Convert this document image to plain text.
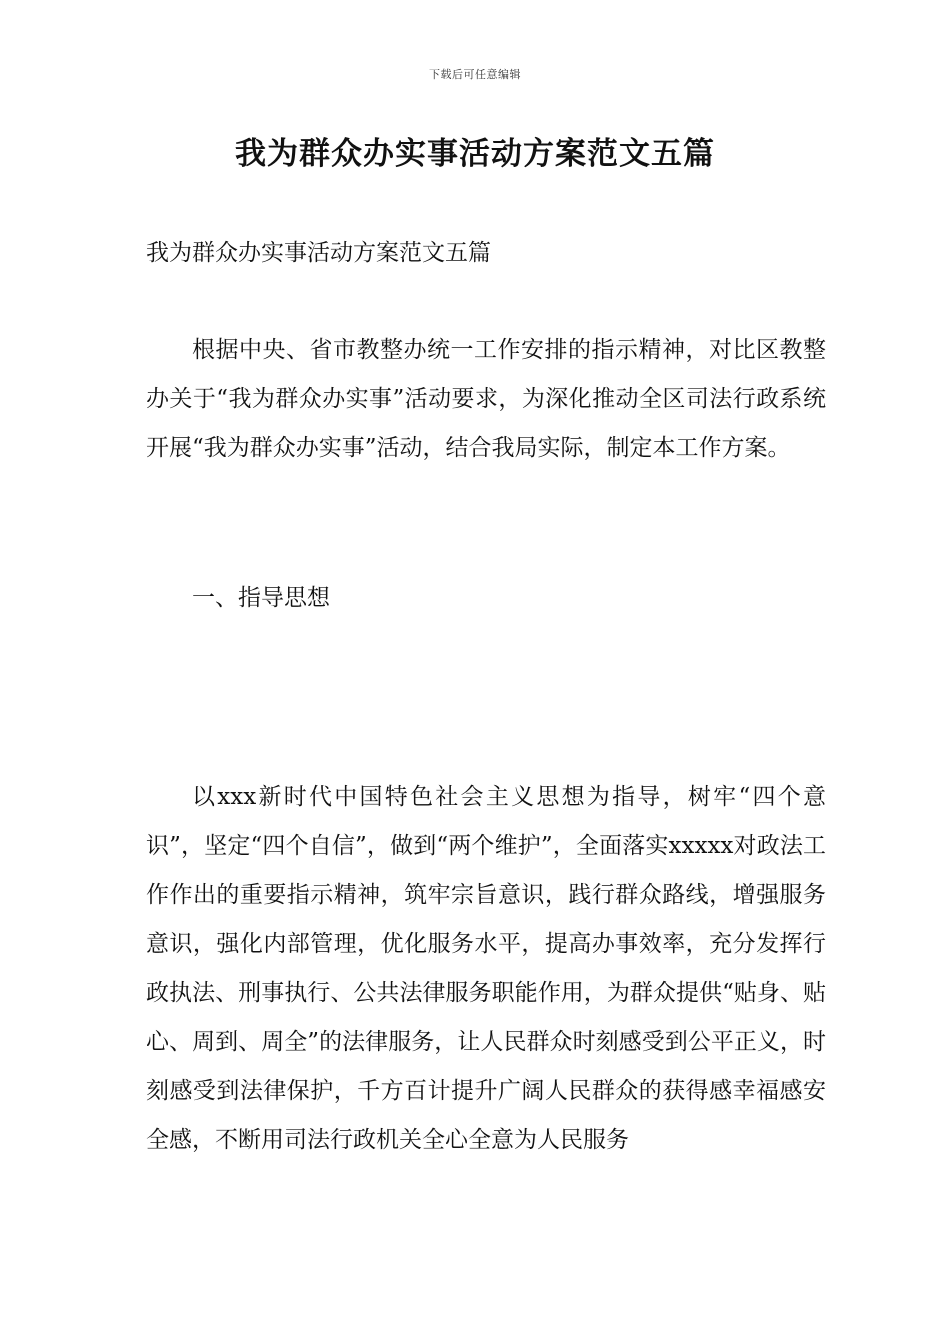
下载后可任意编辑
我为群众办实事活动方案范文五篇

我为群众办实事活动方案范文五篇

根据中央、省市教整办统一工作安排的指示精神，对比区教整办关于“我为群众办实事”活动要求，为深化推动全区司法行政系统开展“我为群众办实事”活动，结合我局实际，制定本工作方案。

一、指导思想

以xxx新时代中国特色社会主义思想为指导，树牢“四个意识”，坚定“四个自信”，做到“两个维护”，全面落实xxxxx对政法工作作出的重要指示精神，筑牢宗旨意识，践行群众路线，增强服务意识，强化内部管理，优化服务水平，提高办事效率，充分发挥行政执法、刑事执行、公共法律服务职能作用，为群众提供“贴身、贴心、周到、周全”的法律服务，让人民群众时刻感受到公平正义，时刻感受到法律保护，千方百计提升广阔人民群众的获得感幸福感安全感，不断用司法行政机关全心全意为人民服务
